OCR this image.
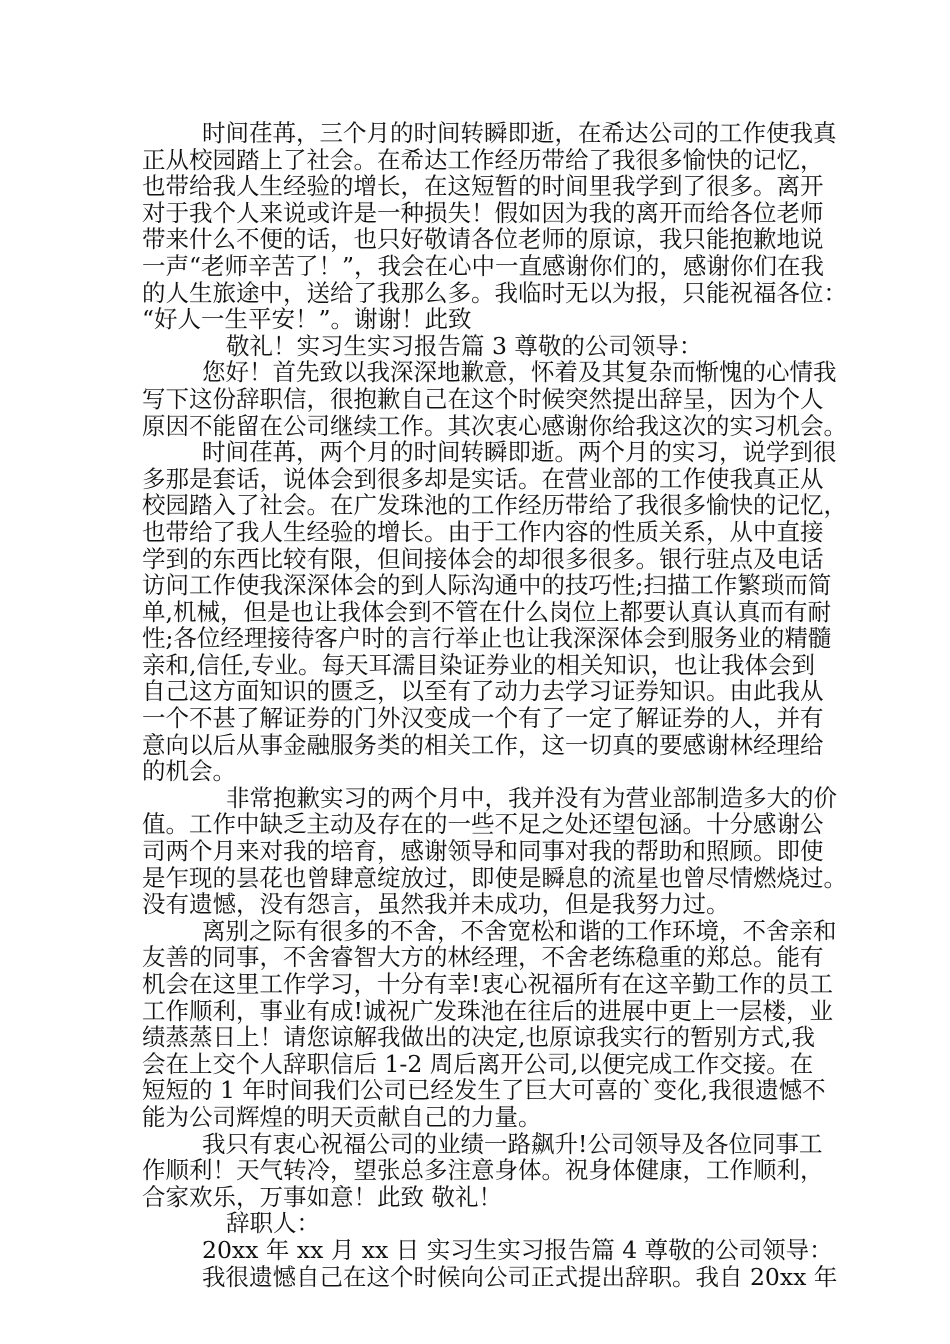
时间荏苒，三个月的时间转瞬即逝，在希达公司的工作使我真
正从校园踏上了社会。在希达工作经历带给了我很多愉快的记忆，
也带给我人生经验的增长，在这短暂的时间里我学到了很多。离开
对于我个人来说或许是一种损失！假如因为我的离开而给各位老师
带来什么不便的话，也只好敬请各位老师的原谅，我只能抱歉地说
一声“老师辛苦了！”，我会在心中一直感谢你们的，感谢你们在我
的人生旅途中，送给了我那么多。我临时无以为报，只能祝福各位：
“好人一生平安！”。谢谢！此致
敬礼！实习生实习报告篇 3 尊敬的公司领导：
您好！首先致以我深深地歉意，怀着及其复杂而惭愧的心情我
写下这份辞职信，很抱歉自己在这个时候突然提出辞呈，因为个人
原因不能留在公司继续工作。其次衷心感谢你给我这次的实习机会。
时间荏苒，两个月的时间转瞬即逝。两个月的实习，说学到很
多那是套话，说体会到很多却是实话。在营业部的工作使我真正从
校园踏入了社会。在广发珠池的工作经历带给了我很多愉快的记忆，
也带给了我人生经验的增长。由于工作内容的性质关系，从中直接
学到的东西比较有限，但间接体会的却很多很多。银行驻点及电话
访问工作使我深深体会的到人际沟通中的技巧性;扫描工作繁琐而简
单,机械，但是也让我体会到不管在什么岗位上都要认真认真而有耐
性;各位经理接待客户时的言行举止也让我深深体会到服务业的精髓
亲和,信任,专业。每天耳濡目染证券业的相关知识，也让我体会到
自己这方面知识的匮乏，以至有了动力去学习证券知识。由此我从
一个不甚了解证券的门外汉变成一个有了一定了解证券的人，并有
意向以后从事金融服务类的相关工作，这一切真的要感谢林经理给
的机会。
非常抱歉实习的两个月中，我并没有为营业部制造多大的价
值。工作中缺乏主动及存在的一些不足之处还望包涵。十分感谢公
司两个月来对我的培育，感谢领导和同事对我的帮助和照顾。即使
是乍现的昙花也曾肆意绽放过，即使是瞬息的流星也曾尽情燃烧过。
没有遗憾，没有怨言，虽然我并未成功，但是我努力过。
离别之际有很多的不舍，不舍宽松和谐的工作环境，不舍亲和
友善的同事，不舍睿智大方的林经理，不舍老练稳重的郑总。能有
机会在这里工作学习，十分有幸!衷心祝福所有在这辛勤工作的员工
工作顺利，事业有成!诚祝广发珠池在往后的进展中更上一层楼，业
绩蒸蒸日上！请您谅解我做出的决定,也原谅我实行的暂别方式,我
会在上交个人辞职信后 1-2 周后离开公司,以便完成工作交接。在
短短的 1 年时间我们公司已经发生了巨大可喜的`变化,我很遗憾不
能为公司辉煌的明天贡献自己的力量。
我只有衷心祝福公司的业绩一路飙升!公司领导及各位同事工
作顺利！天气转冷，望张总多注意身体。祝身体健康，工作顺利，
合家欢乐，万事如意！此致 敬礼！
辞职人：
20xx 年 xx 月 xx 日 实习生实习报告篇 4 尊敬的公司领导：
我很遗憾自己在这个时候向公司正式提出辞职。我自 20xx 年
